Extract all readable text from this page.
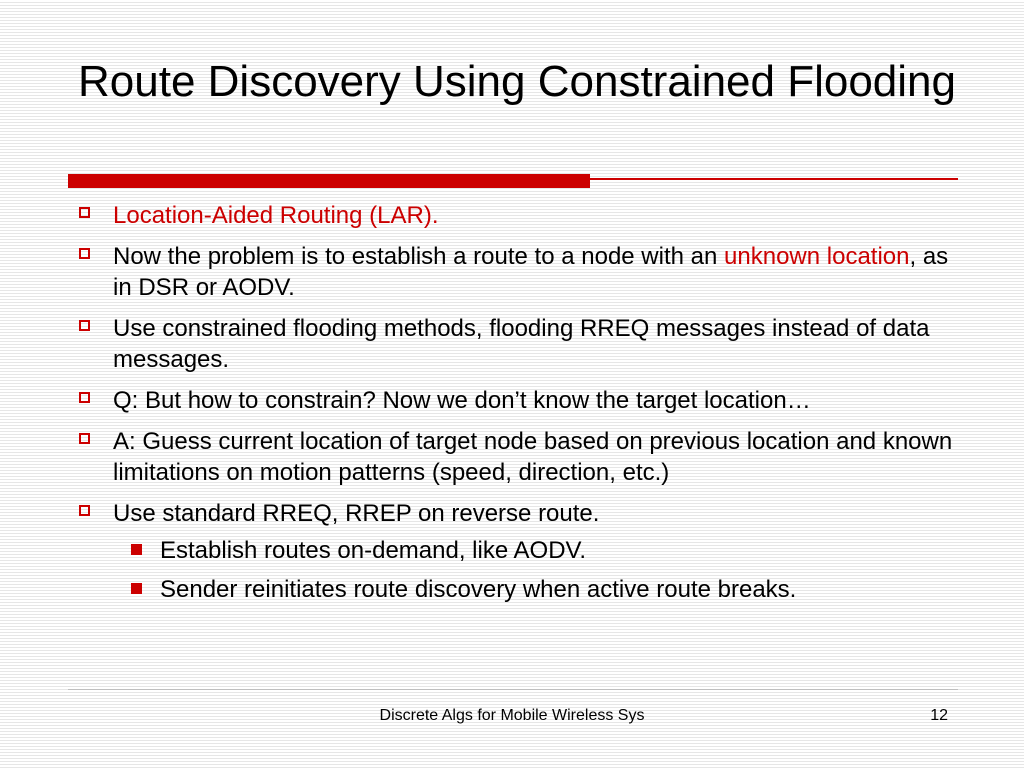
Route Discovery Using Constrained Flooding
Location-Aided Routing (LAR).
Now the problem is to establish a route to a node with an unknown location, as in DSR or AODV.
Use constrained flooding methods, flooding RREQ messages instead of data messages.
Q: But how to constrain? Now we don’t know the target location…
A: Guess current location of target node based on previous location and known limitations on motion patterns (speed, direction, etc.)
Use standard RREQ, RREP on reverse route.
Establish routes on-demand, like AODV.
Sender reinitiates route discovery when active route breaks.
Discrete Algs for Mobile Wireless Sys	12
